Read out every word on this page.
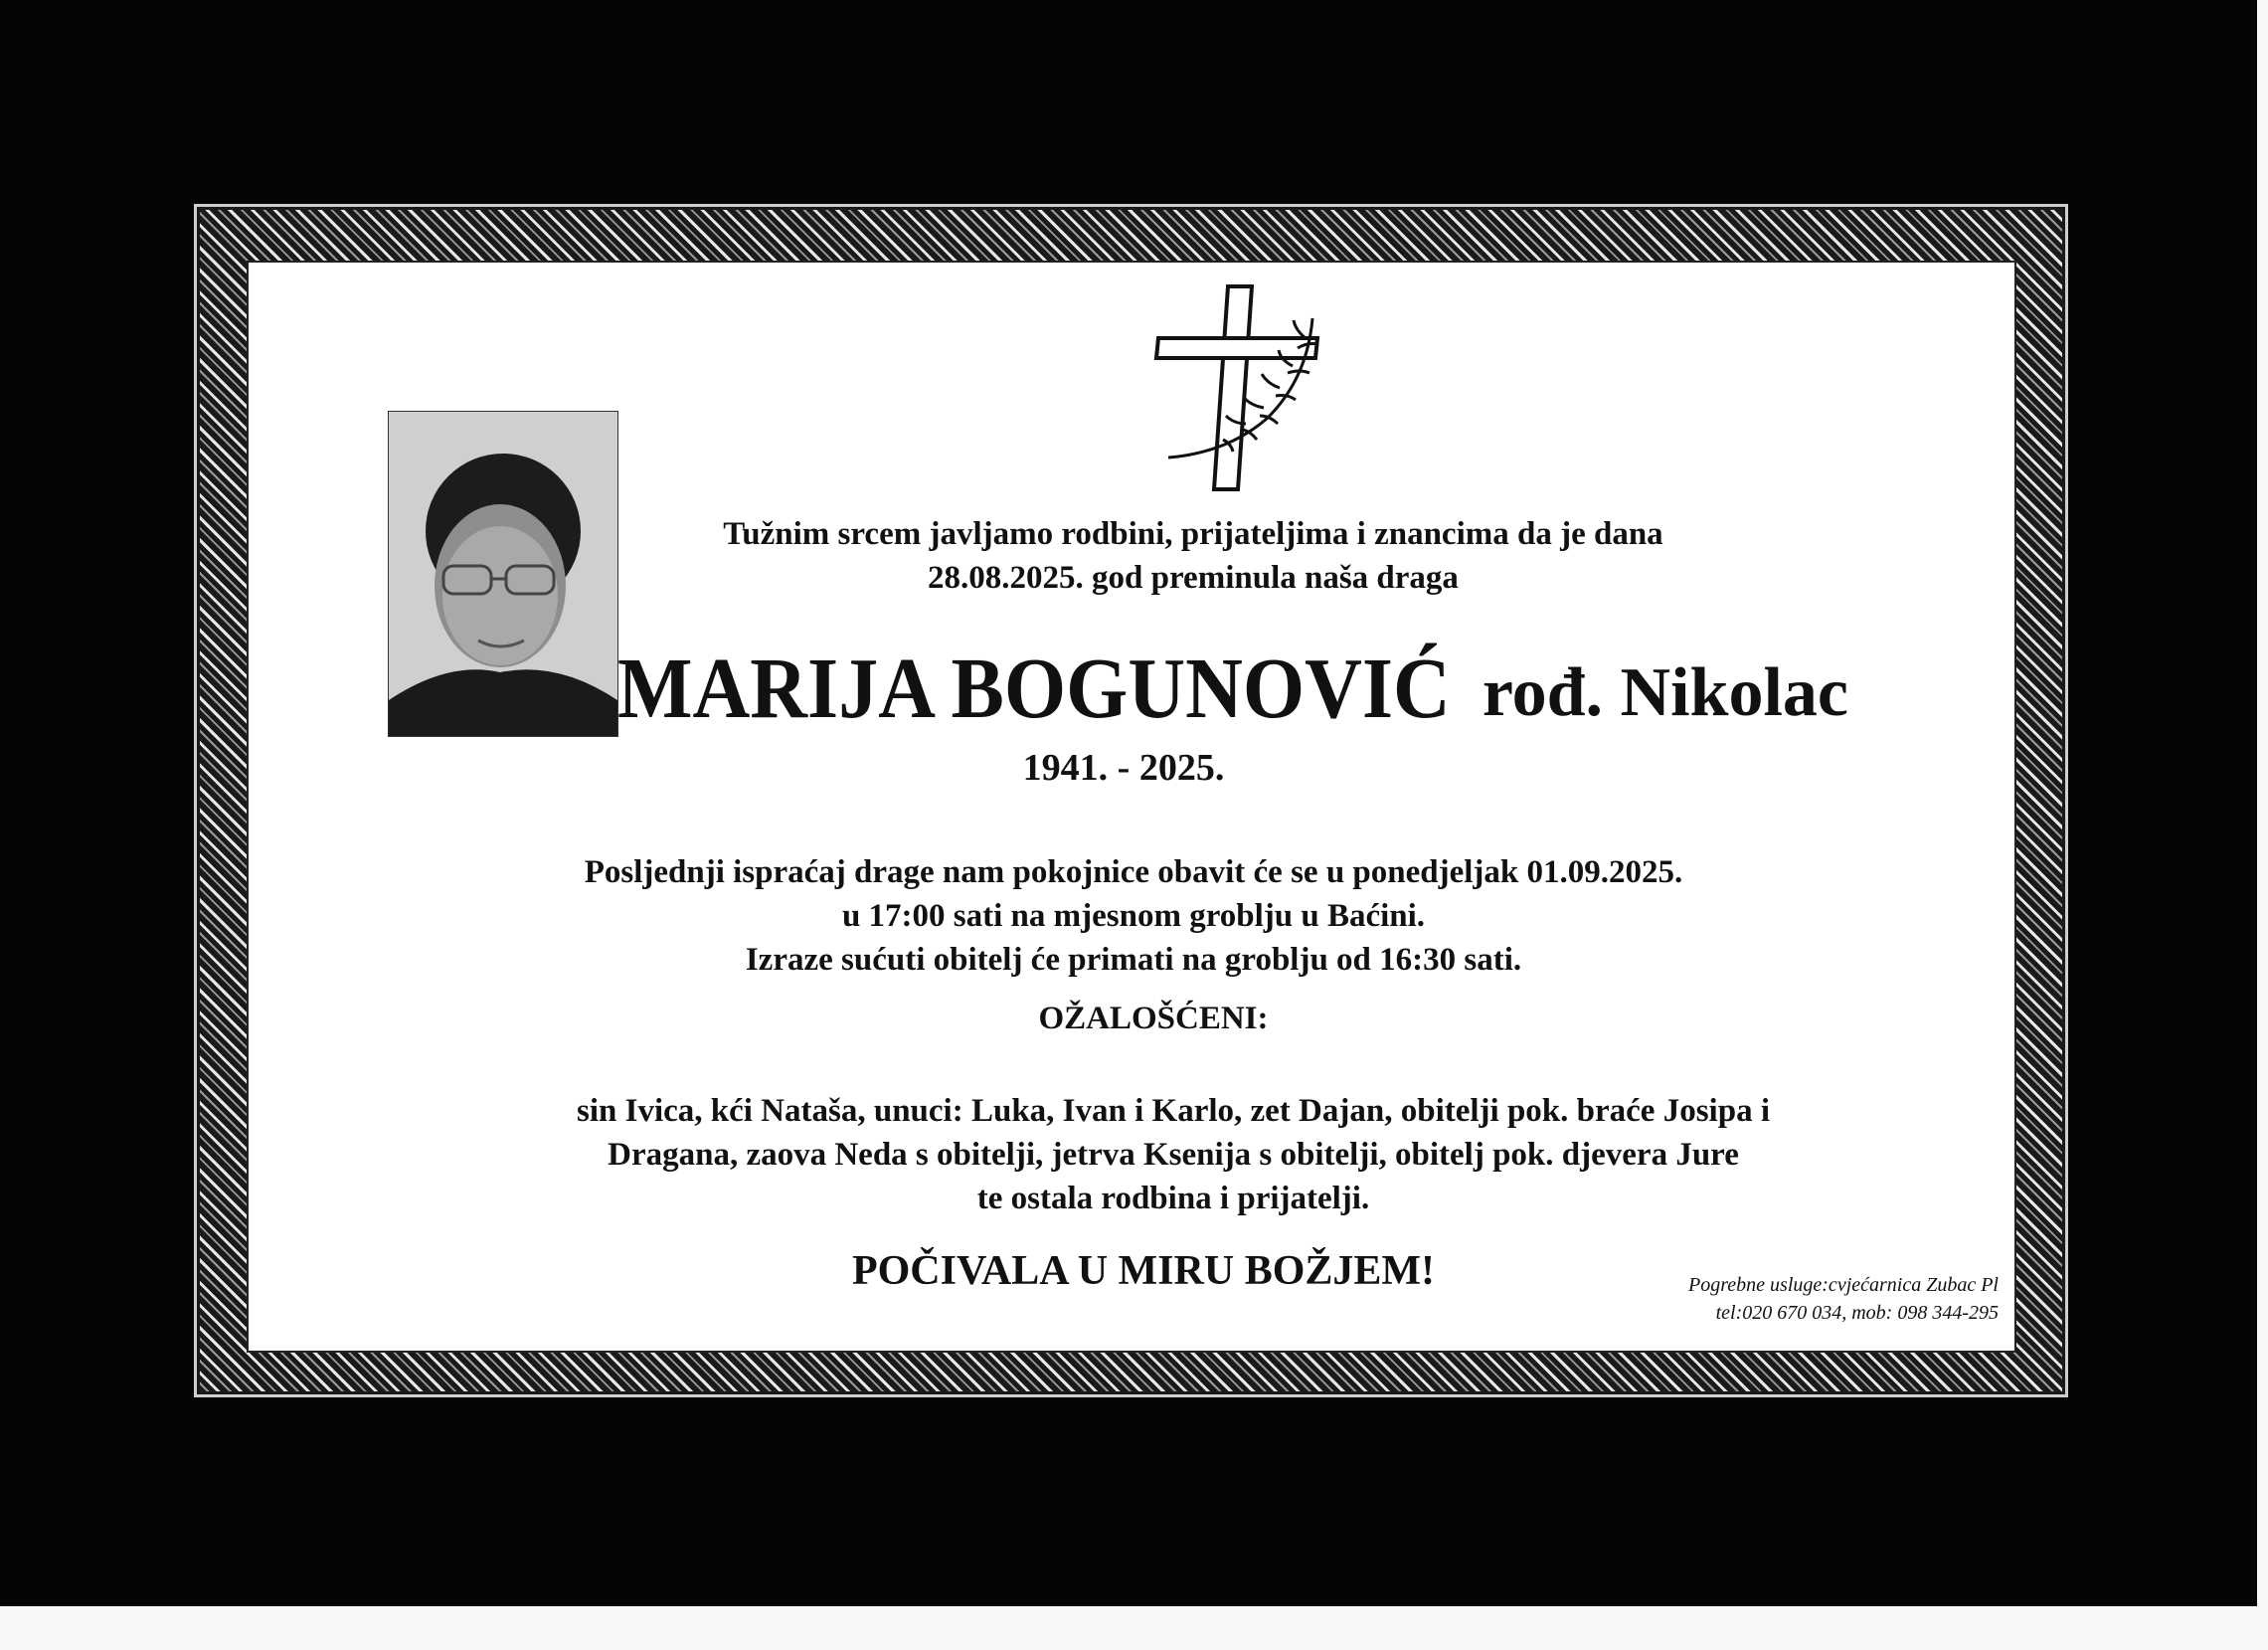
Tužnim srcem javljamo rodbini, prijateljima i znancima da je dana
28.08.2025. god preminula naša draga
MARIJA BOGUNOVIĆ rođ. Nikolac
1941. - 2025.
Posljednji ispraćaj drage nam pokojnice obavit će se u ponedjeljak 01.09.2025.
u 17:00 sati na mjesnom groblju u Baćini.
Izraze sućuti obitelj će primati na groblju od 16:30 sati.
OŽALOŠĆENI:
sin Ivica, kći Nataša, unuci: Luka, Ivan i Karlo, zet Dajan, obitelji pok. braće Josipa i
Dragana, zaova Neda s obitelji, jetrva Ksenija s obitelji, obitelj pok. djevera Jure
te ostala rodbina i prijatelji.
POČIVALA U MIRU BOŽJEM!	Pogrebne usluge:cvjećarnica Zubac Pl
tel:020 670 034, mob: 098 344-295
